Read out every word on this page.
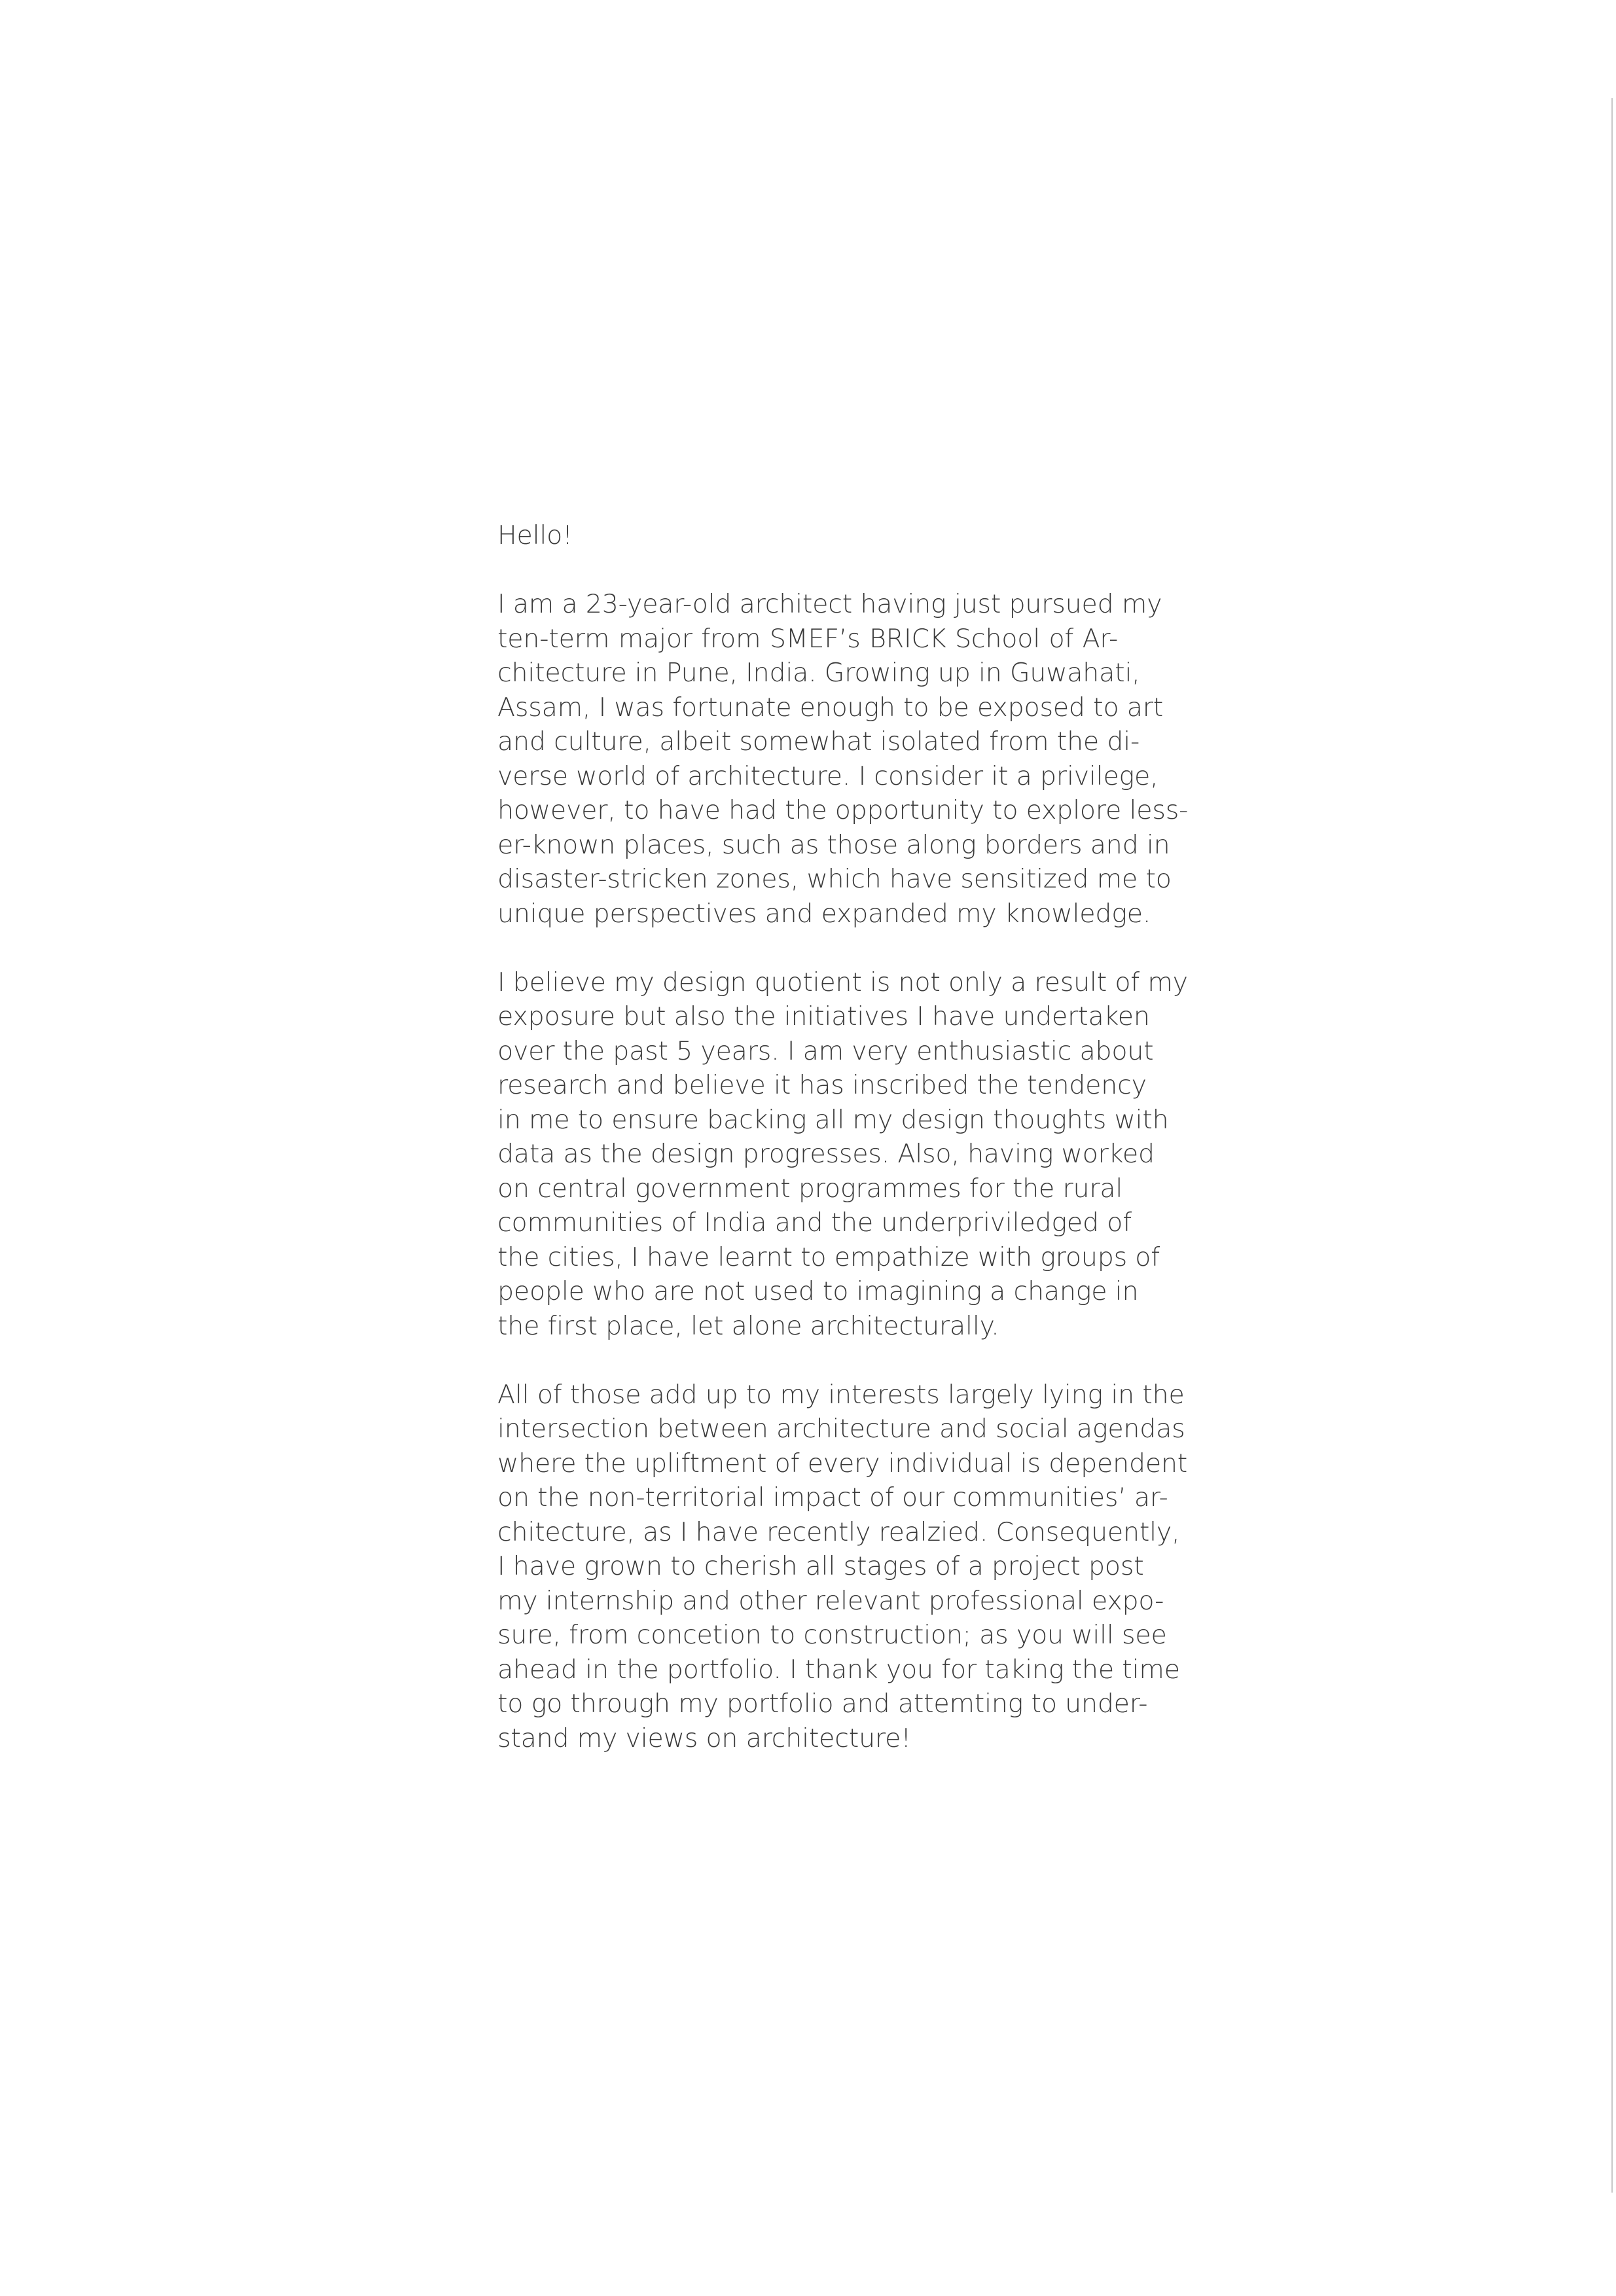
Hello!

I am a 23-year-old architect having just pursued my
ten-term major from SMEF’s BRICK School of Ar-
chitecture in Pune, India. Growing up in Guwahati,
Assam, I was fortunate enough to be exposed to art
and culture, albeit somewhat isolated from the di-
verse world of architecture. I consider it a privilege,
however, to have had the opportunity to explore less-
er-known places, such as those along borders and in
disaster-stricken zones, which have sensitized me to
unique perspectives and expanded my knowledge.

I believe my design quotient is not only a result of my
exposure but also the initiatives I have undertaken
over the past 5 years. I am very enthusiastic about
research and believe it has inscribed the tendency
in me to ensure backing all my design thoughts with
data as the design progresses. Also, having worked
on central government programmes for the rural
communities of India and the underpriviledged of
the cities, I have learnt to empathize with groups of
people who are not used to imagining a change in
the first place, let alone architecturally.

All of those add up to my interests largely lying in the
intersection between architecture and social agendas
where the upliftment of every individual is dependent
on the non-territorial impact of our communities’ ar-
chitecture, as I have recently realzied. Consequently,
I have grown to cherish all stages of a project post
my internship and other relevant professional expo-
sure, from concetion to construction; as you will see
ahead in the portfolio. I thank you for taking the time
to go through my portfolio and attemting to under-
stand my views on architecture!
